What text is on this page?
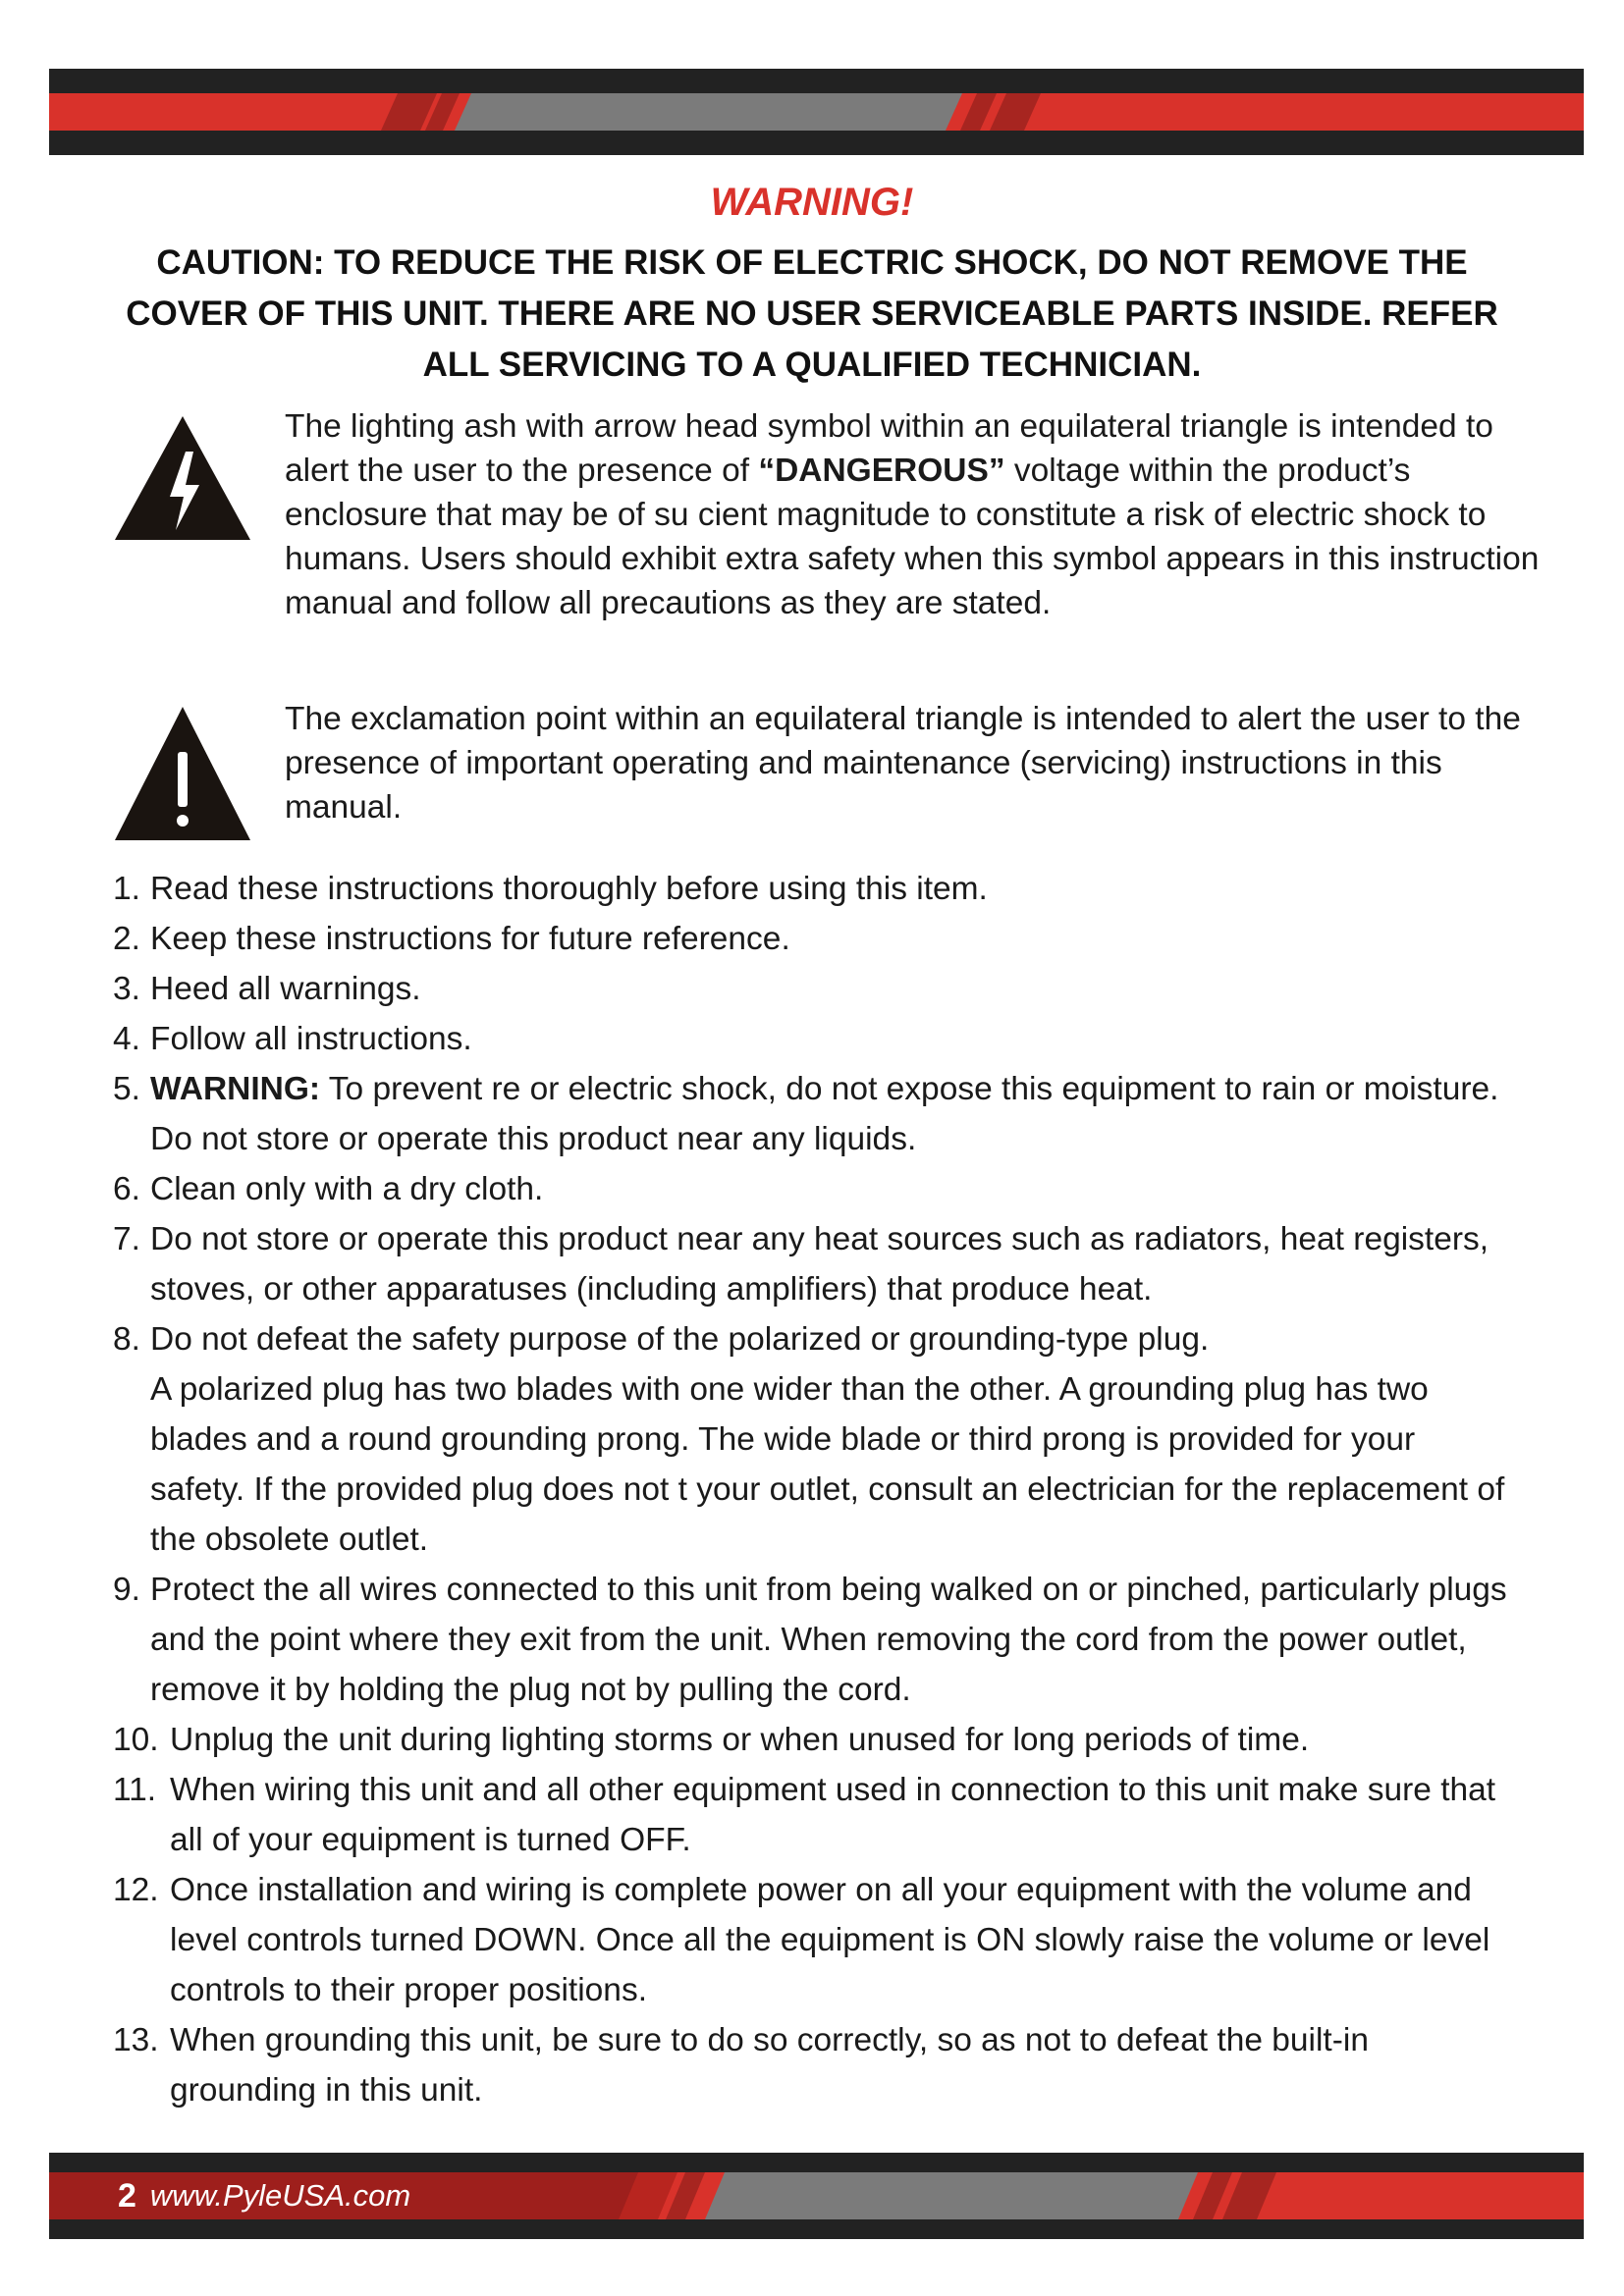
WARNING!
CAUTION: TO REDUCE THE RISK OF ELECTRIC SHOCK, DO NOT REMOVE THE COVER OF THIS UNIT. THERE ARE NO USER SERVICEABLE PARTS INSIDE. REFER ALL SERVICING TO A QUALIFIED TECHNICIAN.

The lighting ash with arrow head symbol within an equilateral triangle is intended to alert the user to the presence of “DANGEROUS” voltage within the product’s enclosure that may be of su cient magnitude to constitute a risk of electric shock to humans. Users should exhibit extra safety when this symbol appears in this instruction manual and follow all precautions as they are stated.

The exclamation point within an equilateral triangle is intended to alert the user to the presence of important operating and maintenance (servicing) instructions in this manual.

1. Read these instructions thoroughly before using this item.
2. Keep these instructions for future reference.
3. Heed all warnings.
4. Follow all instructions.
5. WARNING: To prevent re or electric shock, do not expose this equipment to rain or moisture. Do not store or operate this product near any liquids.
6. Clean only with a dry cloth.
7. Do not store or operate this product near any heat sources such as radiators, heat registers, stoves, or other apparatuses (including amplifiers) that produce heat.
8. Do not defeat the safety purpose of the polarized or grounding-type plug.
A polarized plug has two blades with one wider than the other. A grounding plug has two blades and a round grounding prong. The wide blade or third prong is provided for your safety. If the provided plug does not t your outlet, consult an electrician for the replacement of the obsolete outlet.
9. Protect the all wires connected to this unit from being walked on or pinched, particularly plugs and the point where they exit from the unit. When removing the cord from the power outlet, remove it by holding the plug not by pulling the cord.
10. Unplug the unit during lighting storms or when unused for long periods of time.
11. When wiring this unit and all other equipment used in connection to this unit make sure that all of your equipment is turned OFF.
12. Once installation and wiring is complete power on all your equipment with the volume and level controls turned DOWN. Once all the equipment is ON slowly raise the volume or level controls to their proper positions.
13. When grounding this unit, be sure to do so correctly, so as not to defeat the built-in grounding in this unit.
2 www.PyleUSA.com
